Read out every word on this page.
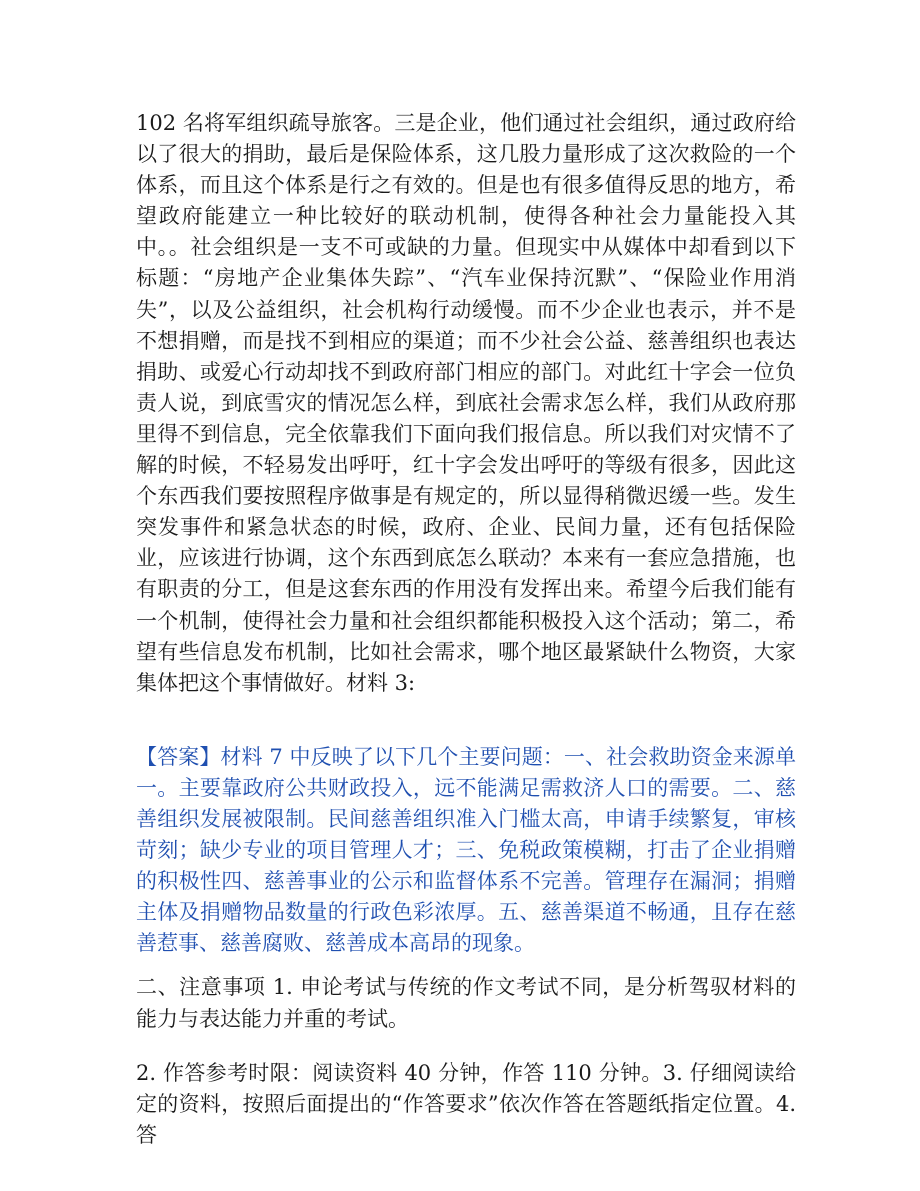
102 名将军组织疏导旅客。三是企业，他们通过社会组织，通过政府给以了很大的捐助，最后是保险体系，这几股力量形成了这次救险的一个体系，而且这个体系是行之有效的。但是也有很多值得反思的地方，希望政府能建立一种比较好的联动机制，使得各种社会力量能投入其中。。社会组织是一支不可或缺的力量。但现实中从媒体中却看到以下标题：“房地产企业集体失踪”、“汽车业保持沉默”、“保险业作用消失”，以及公益组织，社会机构行动缓慢。而不少企业也表示，并不是不想捐赠，而是找不到相应的渠道；而不少社会公益、慈善组织也表达捐助、或爱心行动却找不到政府部门相应的部门。对此红十字会一位负责人说，到底雪灾的情况怎么样，到底社会需求怎么样，我们从政府那里得不到信息，完全依靠我们下面向我们报信息。所以我们对灾情不了解的时候，不轻易发出呼吁，红十字会发出呼吁的等级有很多，因此这个东西我们要按照程序做事是有规定的，所以显得稍微迟缓一些。发生突发事件和紧急状态的时候，政府、企业、民间力量，还有包括保险业，应该进行协调，这个东西到底怎么联动？本来有一套应急措施，也有职责的分工，但是这套东西的作用没有发挥出来。希望今后我们能有一个机制，使得社会力量和社会组织都能积极投入这个活动；第二，希望有些信息发布机制，比如社会需求，哪个地区最紧缺什么物资，大家集体把这个事情做好。材料 3:

【答案】材料 7 中反映了以下几个主要问题：一、社会救助资金来源单一。主要靠政府公共财政投入，远不能满足需救济人口的需要。二、慈善组织发展被限制。民间慈善组织准入门槛太高，申请手续繁复，审核苛刻；缺少专业的项目管理人才；三、免税政策模糊，打击了企业捐赠的积极性四、慈善事业的公示和监督体系不完善。管理存在漏洞；捐赠主体及捐赠物品数量的行政色彩浓厚。五、慈善渠道不畅通，且存在慈善惹事、慈善腐败、慈善成本高昂的现象。

二、注意事项 1. 申论考试与传统的作文考试不同，是分析驾驭材料的能力与表达能力并重的考试。

2. 作答参考时限：阅读资料 40 分钟，作答 110 分钟。3. 仔细阅读给定的资料，按照后面提出的“作答要求”依次作答在答题纸指定位置。4. 答
